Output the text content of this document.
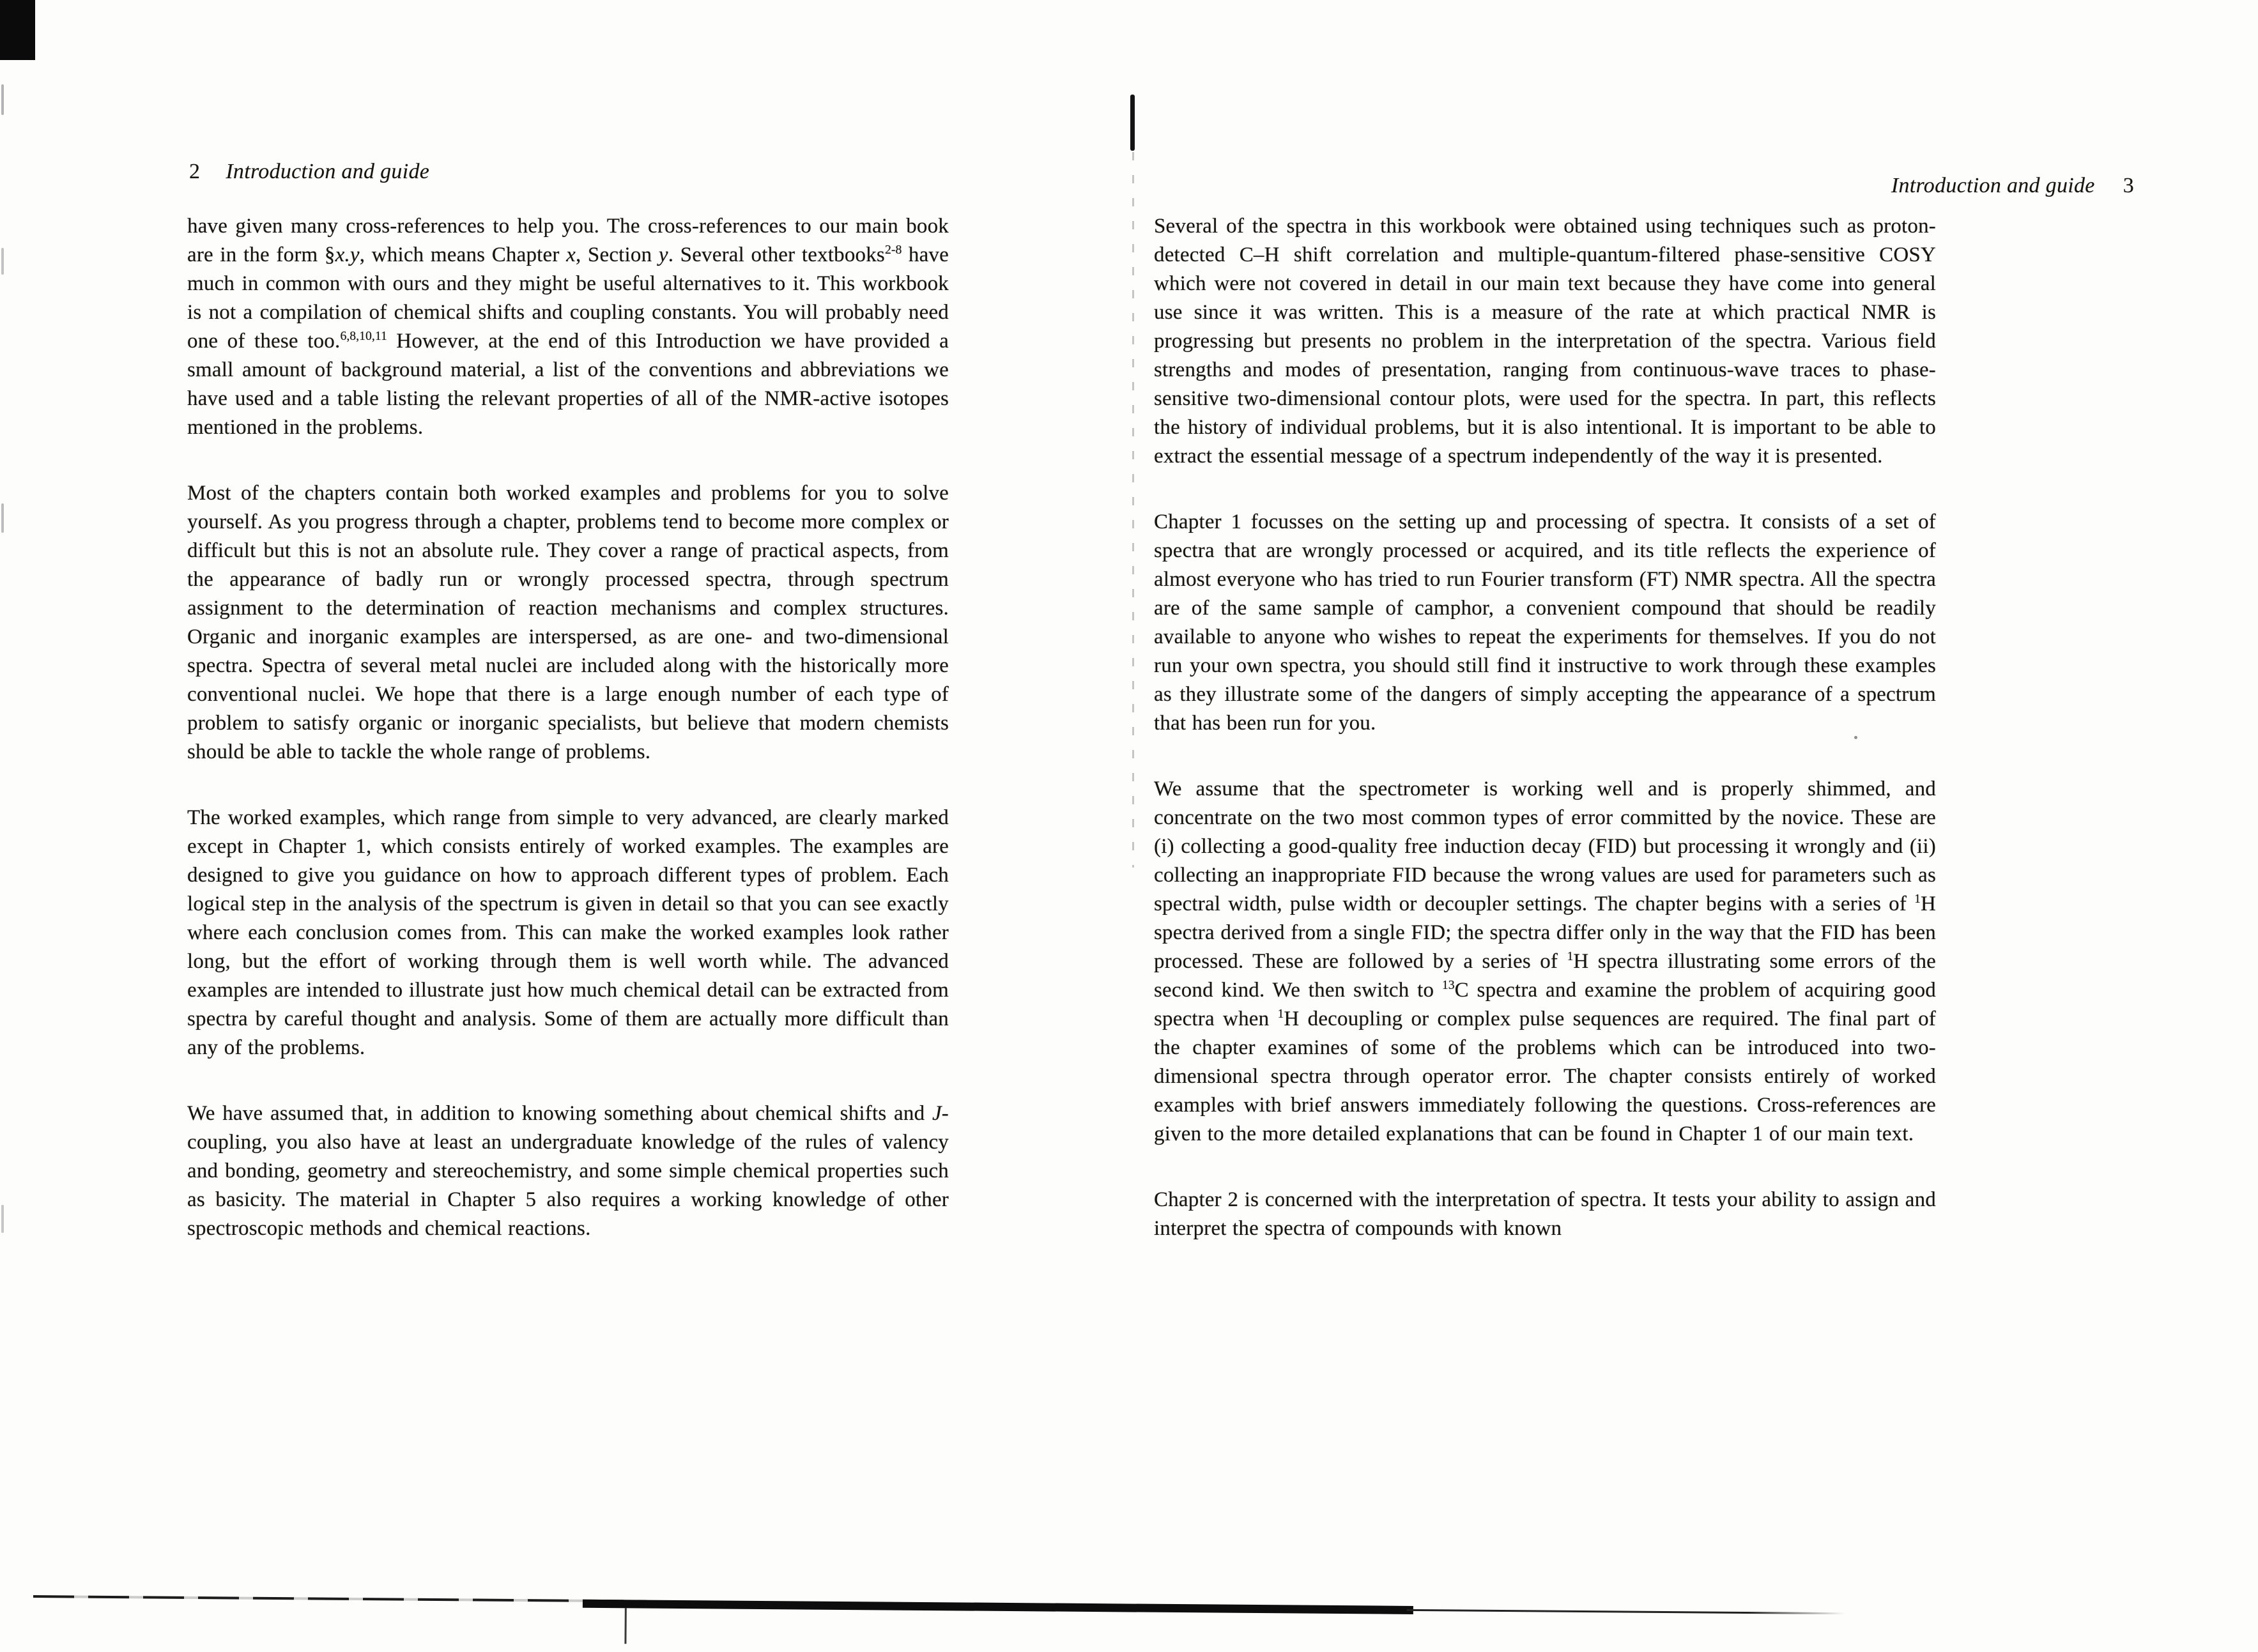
2 Introduction and guide
Introduction and guide 3

have given many cross-references to help you. The cross-references to our main book are in the form §x.y, which means Chapter x, Section y. Several other textbooks$^{2-8}$ have much in common with ours and they might be useful alternatives to it. This workbook is not a compilation of chemical shifts and coupling constants. You will probably need one of these too.$^{6,8,10,11}$ However, at the end of this Introduction we have provided a small amount of background material, a list of the conventions and abbreviations we have used and a table listing the relevant properties of all of the NMR-active isotopes mentioned in the problems.

Most of the chapters contain both worked examples and problems for you to solve yourself. As you progress through a chapter, problems tend to become more complex or difficult but this is not an absolute rule. They cover a range of practical aspects, from the appearance of badly run or wrongly processed spectra, through spectrum assignment to the determination of reaction mechanisms and complex structures. Organic and inorganic examples are interspersed, as are one- and two-dimensional spectra. Spectra of several metal nuclei are included along with the historically more conventional nuclei. We hope that there is a large enough number of each type of problem to satisfy organic or inorganic specialists, but believe that modern chemists should be able to tackle the whole range of problems.

The worked examples, which range from simple to very advanced, are clearly marked except in Chapter 1, which consists entirely of worked examples. The examples are designed to give you guidance on how to approach different types of problem. Each logical step in the analysis of the spectrum is given in detail so that you can see exactly where each conclusion comes from. This can make the worked examples look rather long, but the effort of working through them is well worth while. The advanced examples are intended to illustrate just how much chemical detail can be extracted from spectra by careful thought and analysis. Some of them are actually more difficult than any of the problems.

We have assumed that, in addition to knowing something about chemical shifts and J-coupling, you also have at least an undergraduate knowledge of the rules of valency and bonding, geometry and stereochemistry, and some simple chemical properties such as basicity. The material in Chapter 5 also requires a working knowledge of other spectroscopic methods and chemical reactions.

Several of the spectra in this workbook were obtained using techniques such as proton-detected C–H shift correlation and multiple-quantum-filtered phase-sensitive COSY which were not covered in detail in our main text because they have come into general use since it was written. This is a measure of the rate at which practical NMR is progressing but presents no problem in the interpretation of the spectra. Various field strengths and modes of presentation, ranging from continuous-wave traces to phase-sensitive two-dimensional contour plots, were used for the spectra. In part, this reflects the history of individual problems, but it is also intentional. It is important to be able to extract the essential message of a spectrum independently of the way it is presented.

Chapter 1 focusses on the setting up and processing of spectra. It consists of a set of spectra that are wrongly processed or acquired, and its title reflects the experience of almost everyone who has tried to run Fourier transform (FT) NMR spectra. All the spectra are of the same sample of camphor, a convenient compound that should be readily available to anyone who wishes to repeat the experiments for themselves. If you do not run your own spectra, you should still find it instructive to work through these examples as they illustrate some of the dangers of simply accepting the appearance of a spectrum that has been run for you.

We assume that the spectrometer is working well and is properly shimmed, and concentrate on the two most common types of error committed by the novice. These are (i) collecting a good-quality free induction decay (FID) but processing it wrongly and (ii) collecting an inappropriate FID because the wrong values are used for parameters such as spectral width, pulse width or decoupler settings. The chapter begins with a series of $^1$H spectra derived from a single FID; the spectra differ only in the way that the FID has been processed. These are followed by a series of $^1$H spectra illustrating some errors of the second kind. We then switch to $^{13}$C spectra and examine the problem of acquiring good spectra when $^1$H decoupling or complex pulse sequences are required. The final part of the chapter examines of some of the problems which can be introduced into two-dimensional spectra through operator error. The chapter consists entirely of worked examples with brief answers immediately following the questions. Cross-references are given to the more detailed explanations that can be found in Chapter 1 of our main text.

Chapter 2 is concerned with the interpretation of spectra. It tests your ability to assign and interpret the spectra of compounds with known
